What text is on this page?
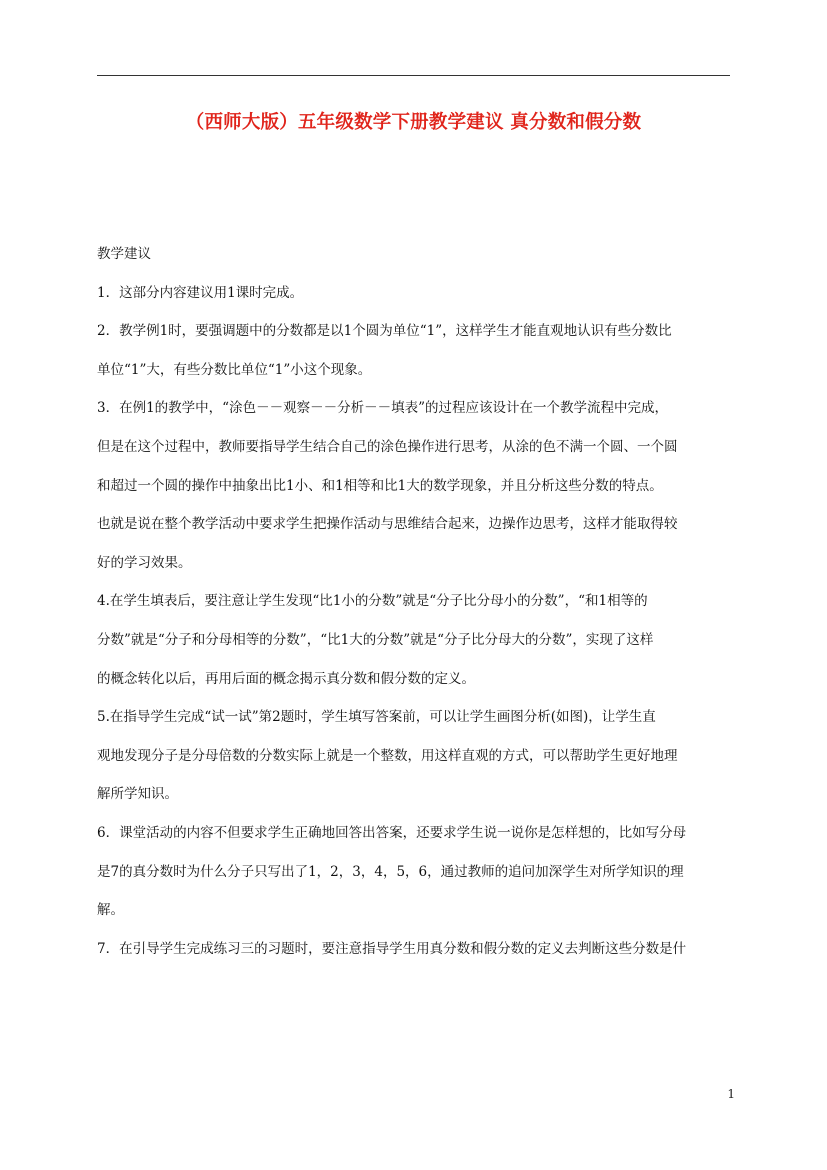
（西师大版）五年级数学下册教学建议 真分数和假分数
教学建议
1．这部分内容建议用1课时完成。
2．教学例1时，要强调题中的分数都是以1个圆为单位“1”，这样学生才能直观地认识有些分数比
单位“1”大，有些分数比单位“1”小这个现象。
3．在例1的教学中，“涂色－－观察－－分析－－填表”的过程应该设计在一个教学流程中完成，
但是在这个过程中，教师要指导学生结合自己的涂色操作进行思考，从涂的色不满一个圆、一个圆
和超过一个圆的操作中抽象出比1小、和1相等和比1大的数学现象，并且分析这些分数的特点。
也就是说在整个教学活动中要求学生把操作活动与思维结合起来，边操作边思考，这样才能取得较
好的学习效果。
4.在学生填表后，要注意让学生发现“比1小的分数”就是“分子比分母小的分数”，“和1相等的
分数”就是“分子和分母相等的分数”，“比1大的分数”就是“分子比分母大的分数”，实现了这样
的概念转化以后，再用后面的概念揭示真分数和假分数的定义。
5.在指导学生完成“试一试”第2题时，学生填写答案前，可以让学生画图分析(如图)，让学生直
观地发现分子是分母倍数的分数实际上就是一个整数，用这样直观的方式，可以帮助学生更好地理
解所学知识。
6．课堂活动的内容不但要求学生正确地回答出答案，还要求学生说一说你是怎样想的，比如写分母
是7的真分数时为什么分子只写出了1，2，3，4，5，6，通过教师的追问加深学生对所学知识的理
解。
7．在引导学生完成练习三的习题时，要注意指导学生用真分数和假分数的定义去判断这些分数是什
1
